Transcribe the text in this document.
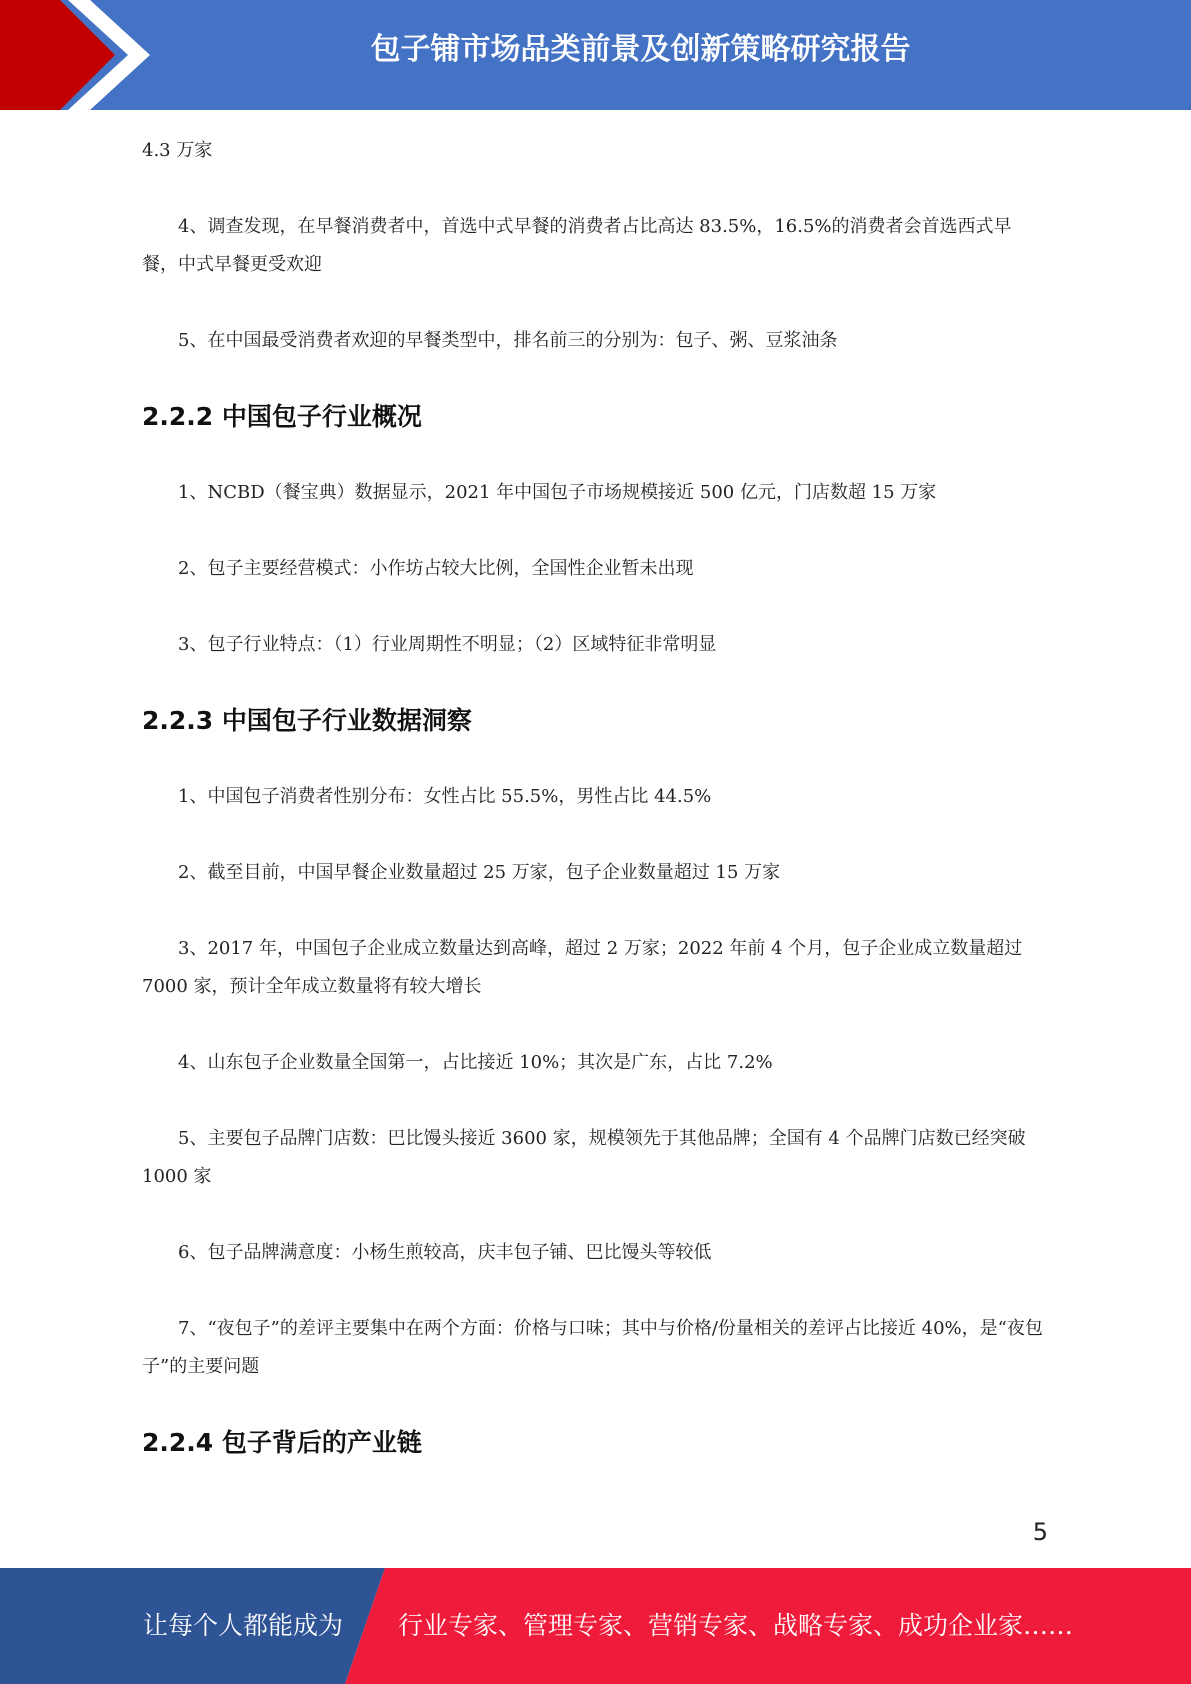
包子铺市场品类前景及创新策略研究报告
4.3 万家
4、调查发现，在早餐消费者中，首选中式早餐的消费者占比高达 83.5%，16.5%的消费者会首选西式早餐，中式早餐更受欢迎
5、在中国最受消费者欢迎的早餐类型中，排名前三的分别为：包子、粥、豆浆油条
2.2.2 中国包子行业概况
1、NCBD（餐宝典）数据显示，2021 年中国包子市场规模接近 500 亿元，门店数超 15 万家
2、包子主要经营模式：小作坊占较大比例，全国性企业暂未出现
3、包子行业特点：（1）行业周期性不明显；（2）区域特征非常明显
2.2.3 中国包子行业数据洞察
1、中国包子消费者性别分布：女性占比 55.5%，男性占比 44.5%
2、截至目前，中国早餐企业数量超过 25 万家，包子企业数量超过 15 万家
3、2017 年，中国包子企业成立数量达到高峰，超过 2 万家；2022 年前 4 个月，包子企业成立数量超过 7000 家，预计全年成立数量将有较大增长
4、山东包子企业数量全国第一，占比接近 10%；其次是广东，占比 7.2%
5、主要包子品牌门店数：巴比馒头接近 3600 家，规模领先于其他品牌；全国有 4 个品牌门店数已经突破 1000 家
6、包子品牌满意度：小杨生煎较高，庆丰包子铺、巴比馒头等较低
7、“夜包子”的差评主要集中在两个方面：价格与口味；其中与价格/份量相关的差评占比接近 40%，是“夜包子”的主要问题
2.2.4 包子背后的产业链
5
让每个人都能成为 行业专家、管理专家、营销专家、战略专家、成功企业家……
